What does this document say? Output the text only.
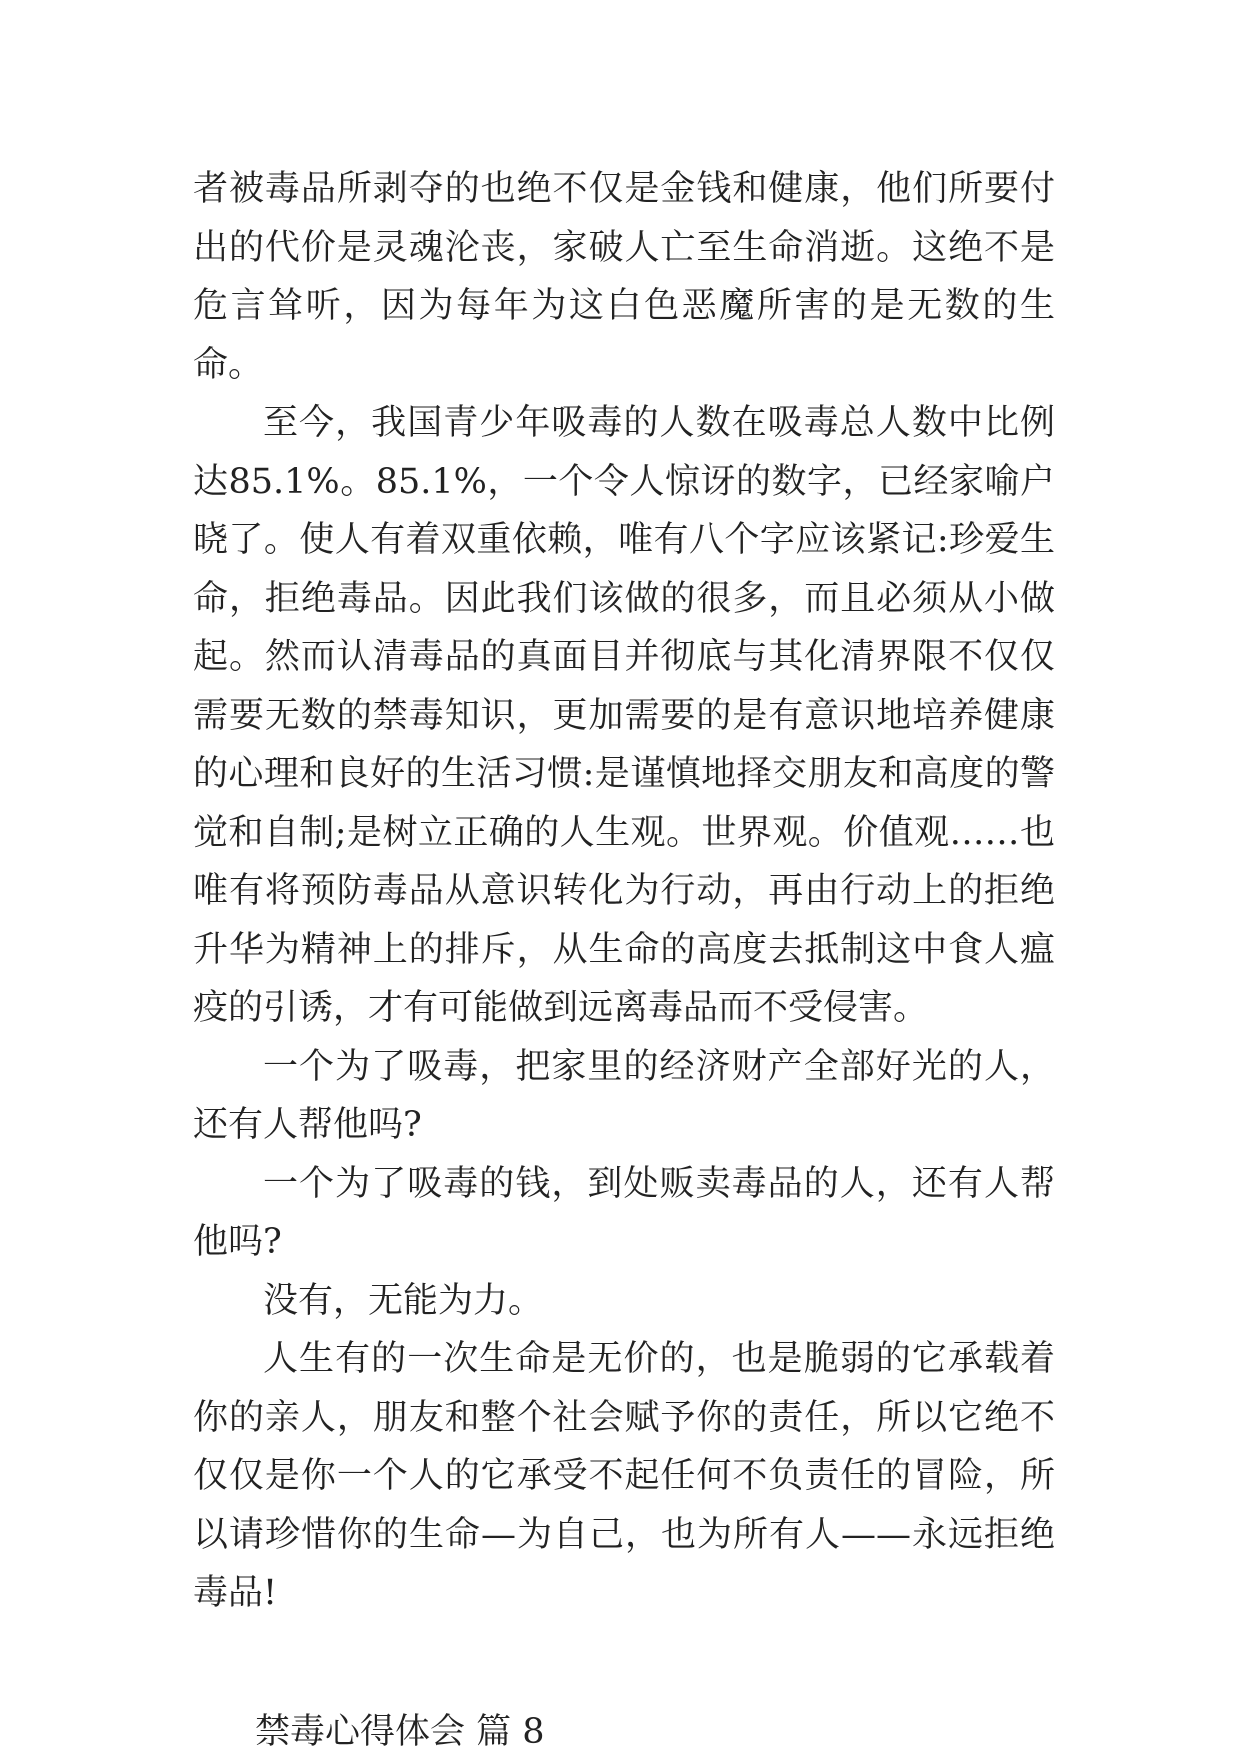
者被毒品所剥夺的也绝不仅是金钱和健康，他们所要付出的代价是灵魂沦丧，家破人亡至生命消逝。这绝不是危言耸听，因为每年为这白色恶魔所害的是无数的生命。

至今，我国青少年吸毒的人数在吸毒总人数中比例达85.1%。85.1%，一个令人惊讶的数字，已经家喻户晓了。使人有着双重依赖，唯有八个字应该紧记:珍爱生命，拒绝毒品。因此我们该做的很多，而且必须从小做起。然而认清毒品的真面目并彻底与其化清界限不仅仅需要无数的禁毒知识，更加需要的是有意识地培养健康的心理和良好的生活习惯:是谨慎地择交朋友和高度的警觉和自制;是树立正确的人生观。世界观。价值观……也唯有将预防毒品从意识转化为行动，再由行动上的拒绝升华为精神上的排斥，从生命的高度去抵制这中食人瘟疫的引诱，才有可能做到远离毒品而不受侵害。

一个为了吸毒，把家里的经济财产全部好光的人，还有人帮他吗?

一个为了吸毒的钱，到处贩卖毒品的人，还有人帮他吗?

没有，无能为力。

人生有的一次生命是无价的，也是脆弱的它承载着你的亲人，朋友和整个社会赋予你的责任，所以它绝不仅仅是你一个人的它承受不起任何不负责任的冒险，所以请珍惜你的生命—为自己，也为所有人——永远拒绝毒品!

禁毒心得体会 篇 8
